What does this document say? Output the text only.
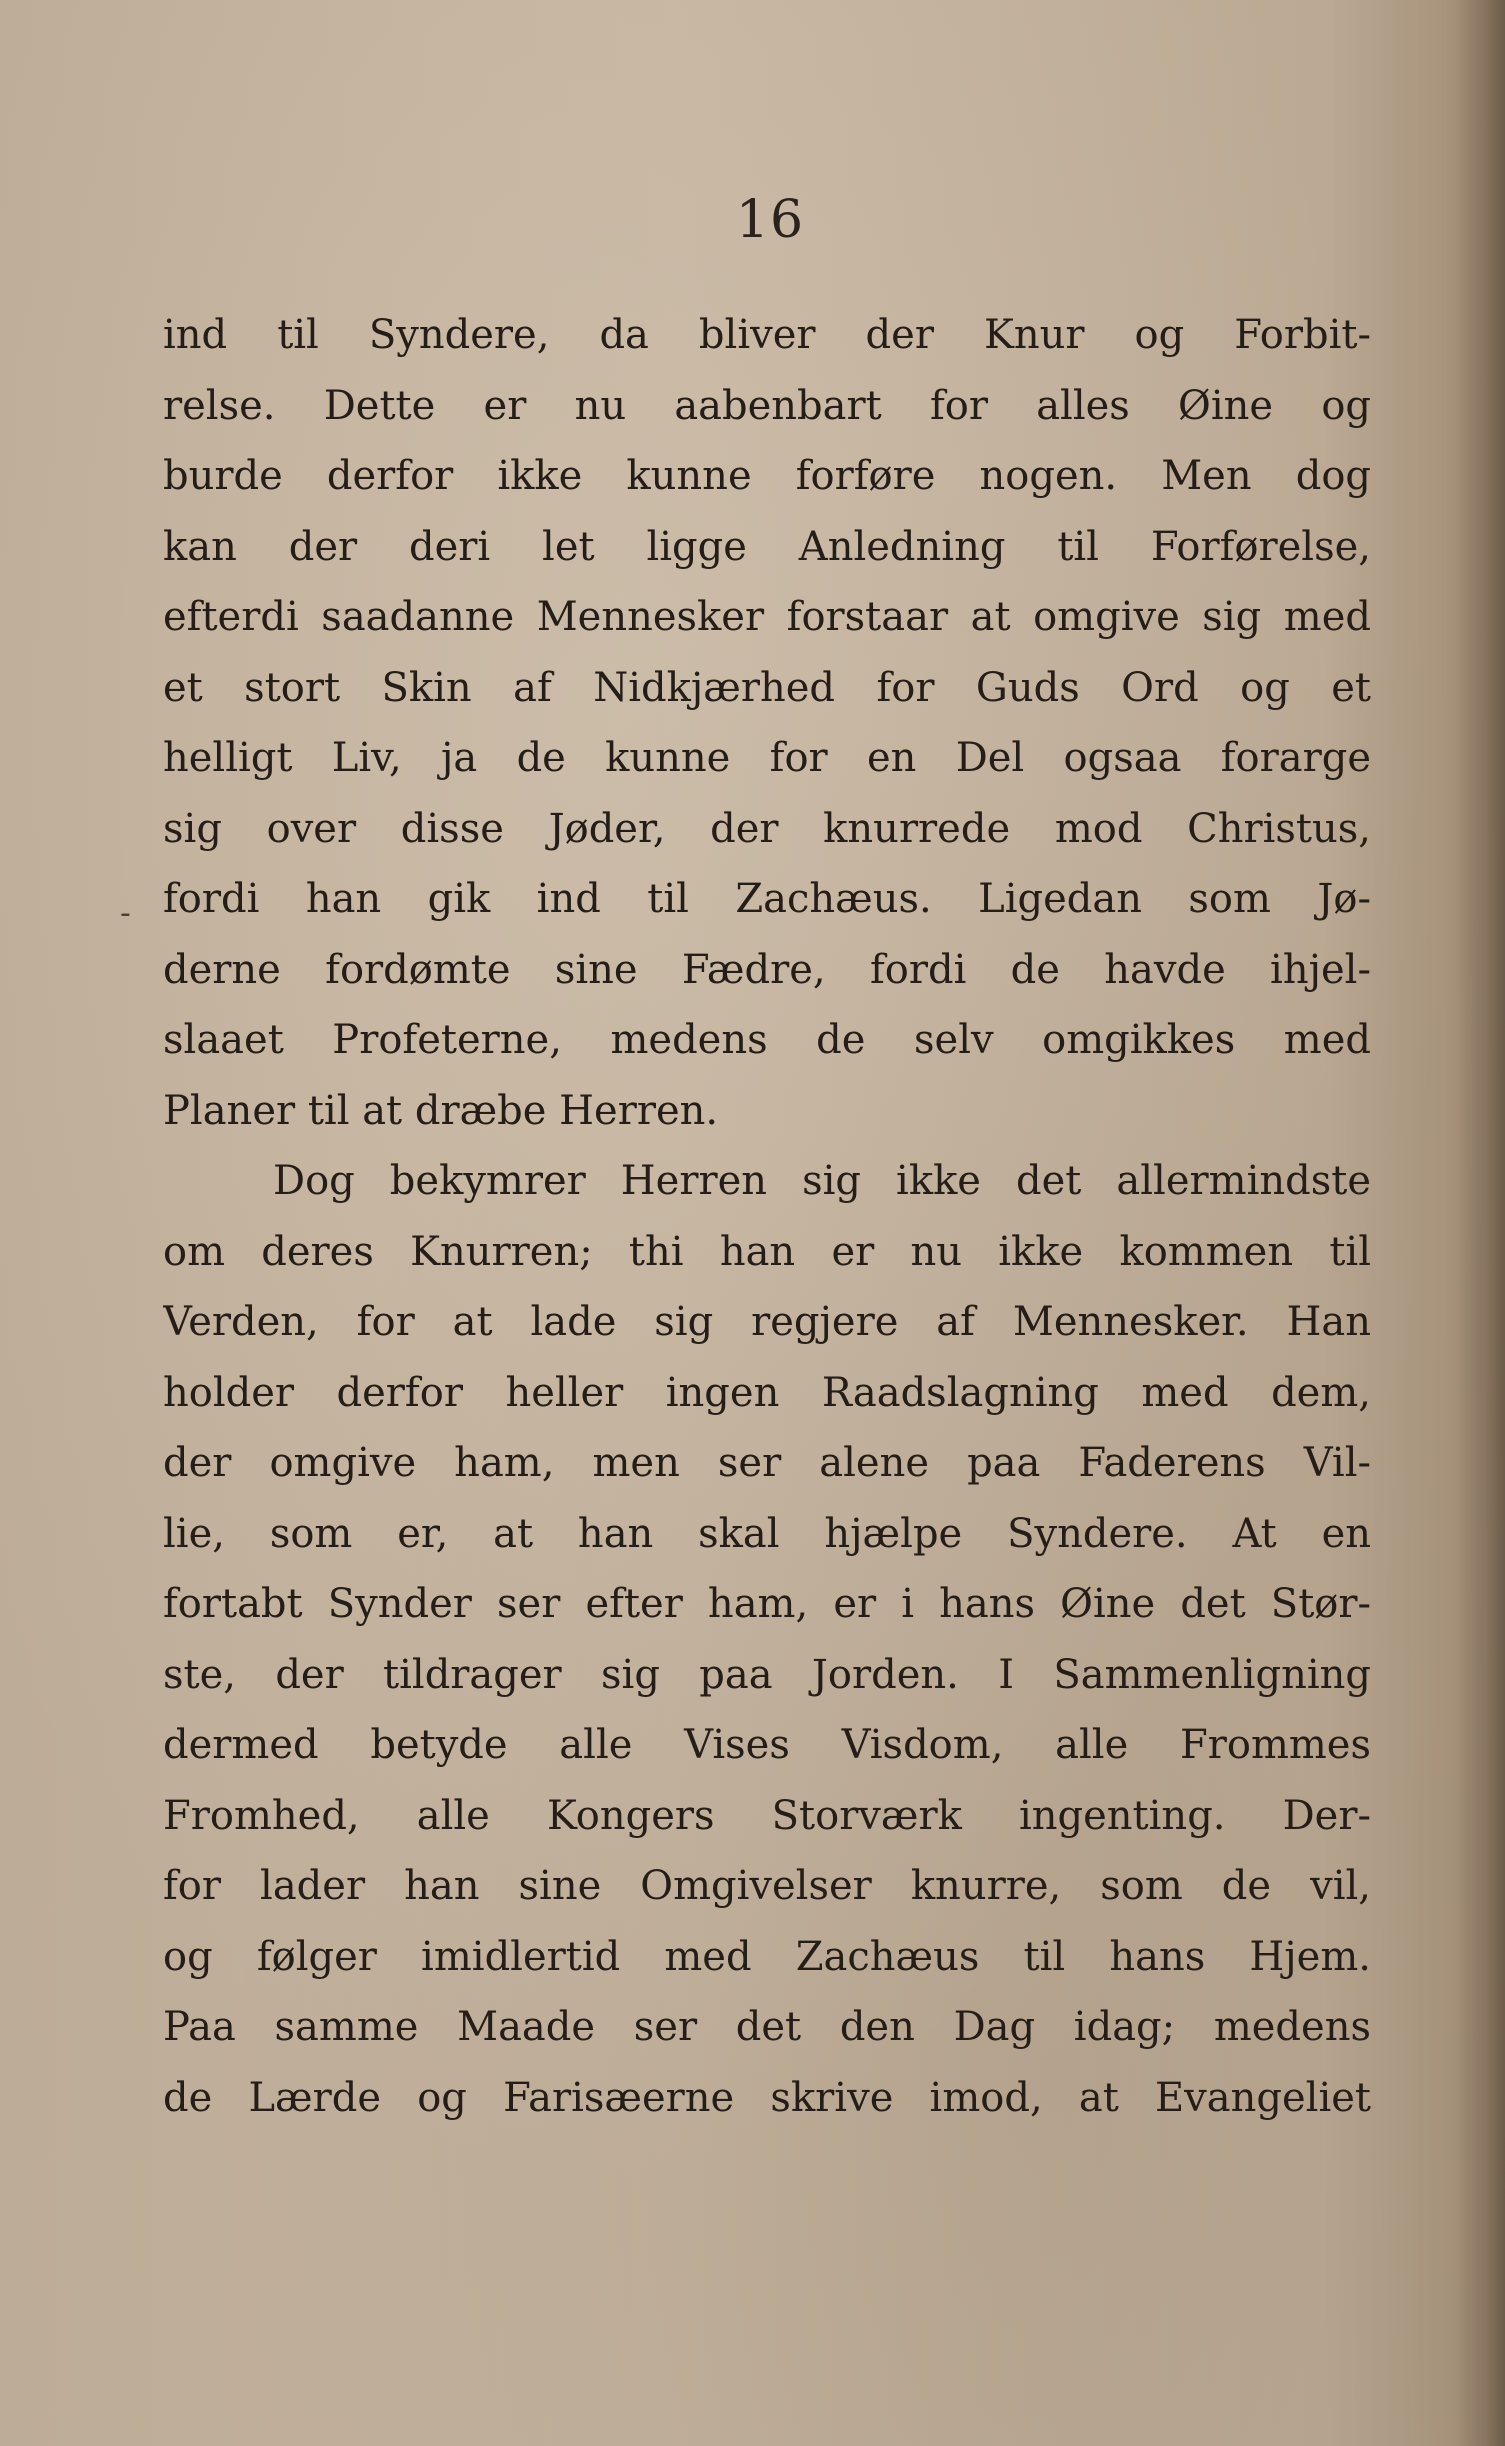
16
-
ind til Syndere, da bliver der Knur og Forbit-
relse. Dette er nu aabenbart for alles Øine og
burde derfor ikke kunne forføre nogen. Men dog
kan der deri let ligge Anledning til Forførelse,
efterdi saadanne Mennesker forstaar at omgive sig med
et stort Skin af Nidkjærhed for Guds Ord og et
helligt Liv, ja de kunne for en Del ogsaa forarge
sig over disse Jøder, der knurrede mod Christus,
fordi han gik ind til Zachæus. Ligedan som Jø-
derne fordømte sine Fædre, fordi de havde ihjel-
slaaet Profeterne, medens de selv omgikkes med
Planer til at dræbe Herren.
Dog bekymrer Herren sig ikke det allermindste
om deres Knurren; thi han er nu ikke kommen til
Verden, for at lade sig regjere af Mennesker. Han
holder derfor heller ingen Raadslagning med dem,
der omgive ham, men ser alene paa Faderens Vil-
lie, som er, at han skal hjælpe Syndere. At en
fortabt Synder ser efter ham, er i hans Øine det Stør-
ste, der tildrager sig paa Jorden. I Sammenligning
dermed betyde alle Vises Visdom, alle Frommes
Fromhed, alle Kongers Storværk ingenting. Der-
for lader han sine Omgivelser knurre, som de vil,
og følger imidlertid med Zachæus til hans Hjem.
Paa samme Maade ser det den Dag idag; medens
de Lærde og Farisæerne skrive imod, at Evangeliet
